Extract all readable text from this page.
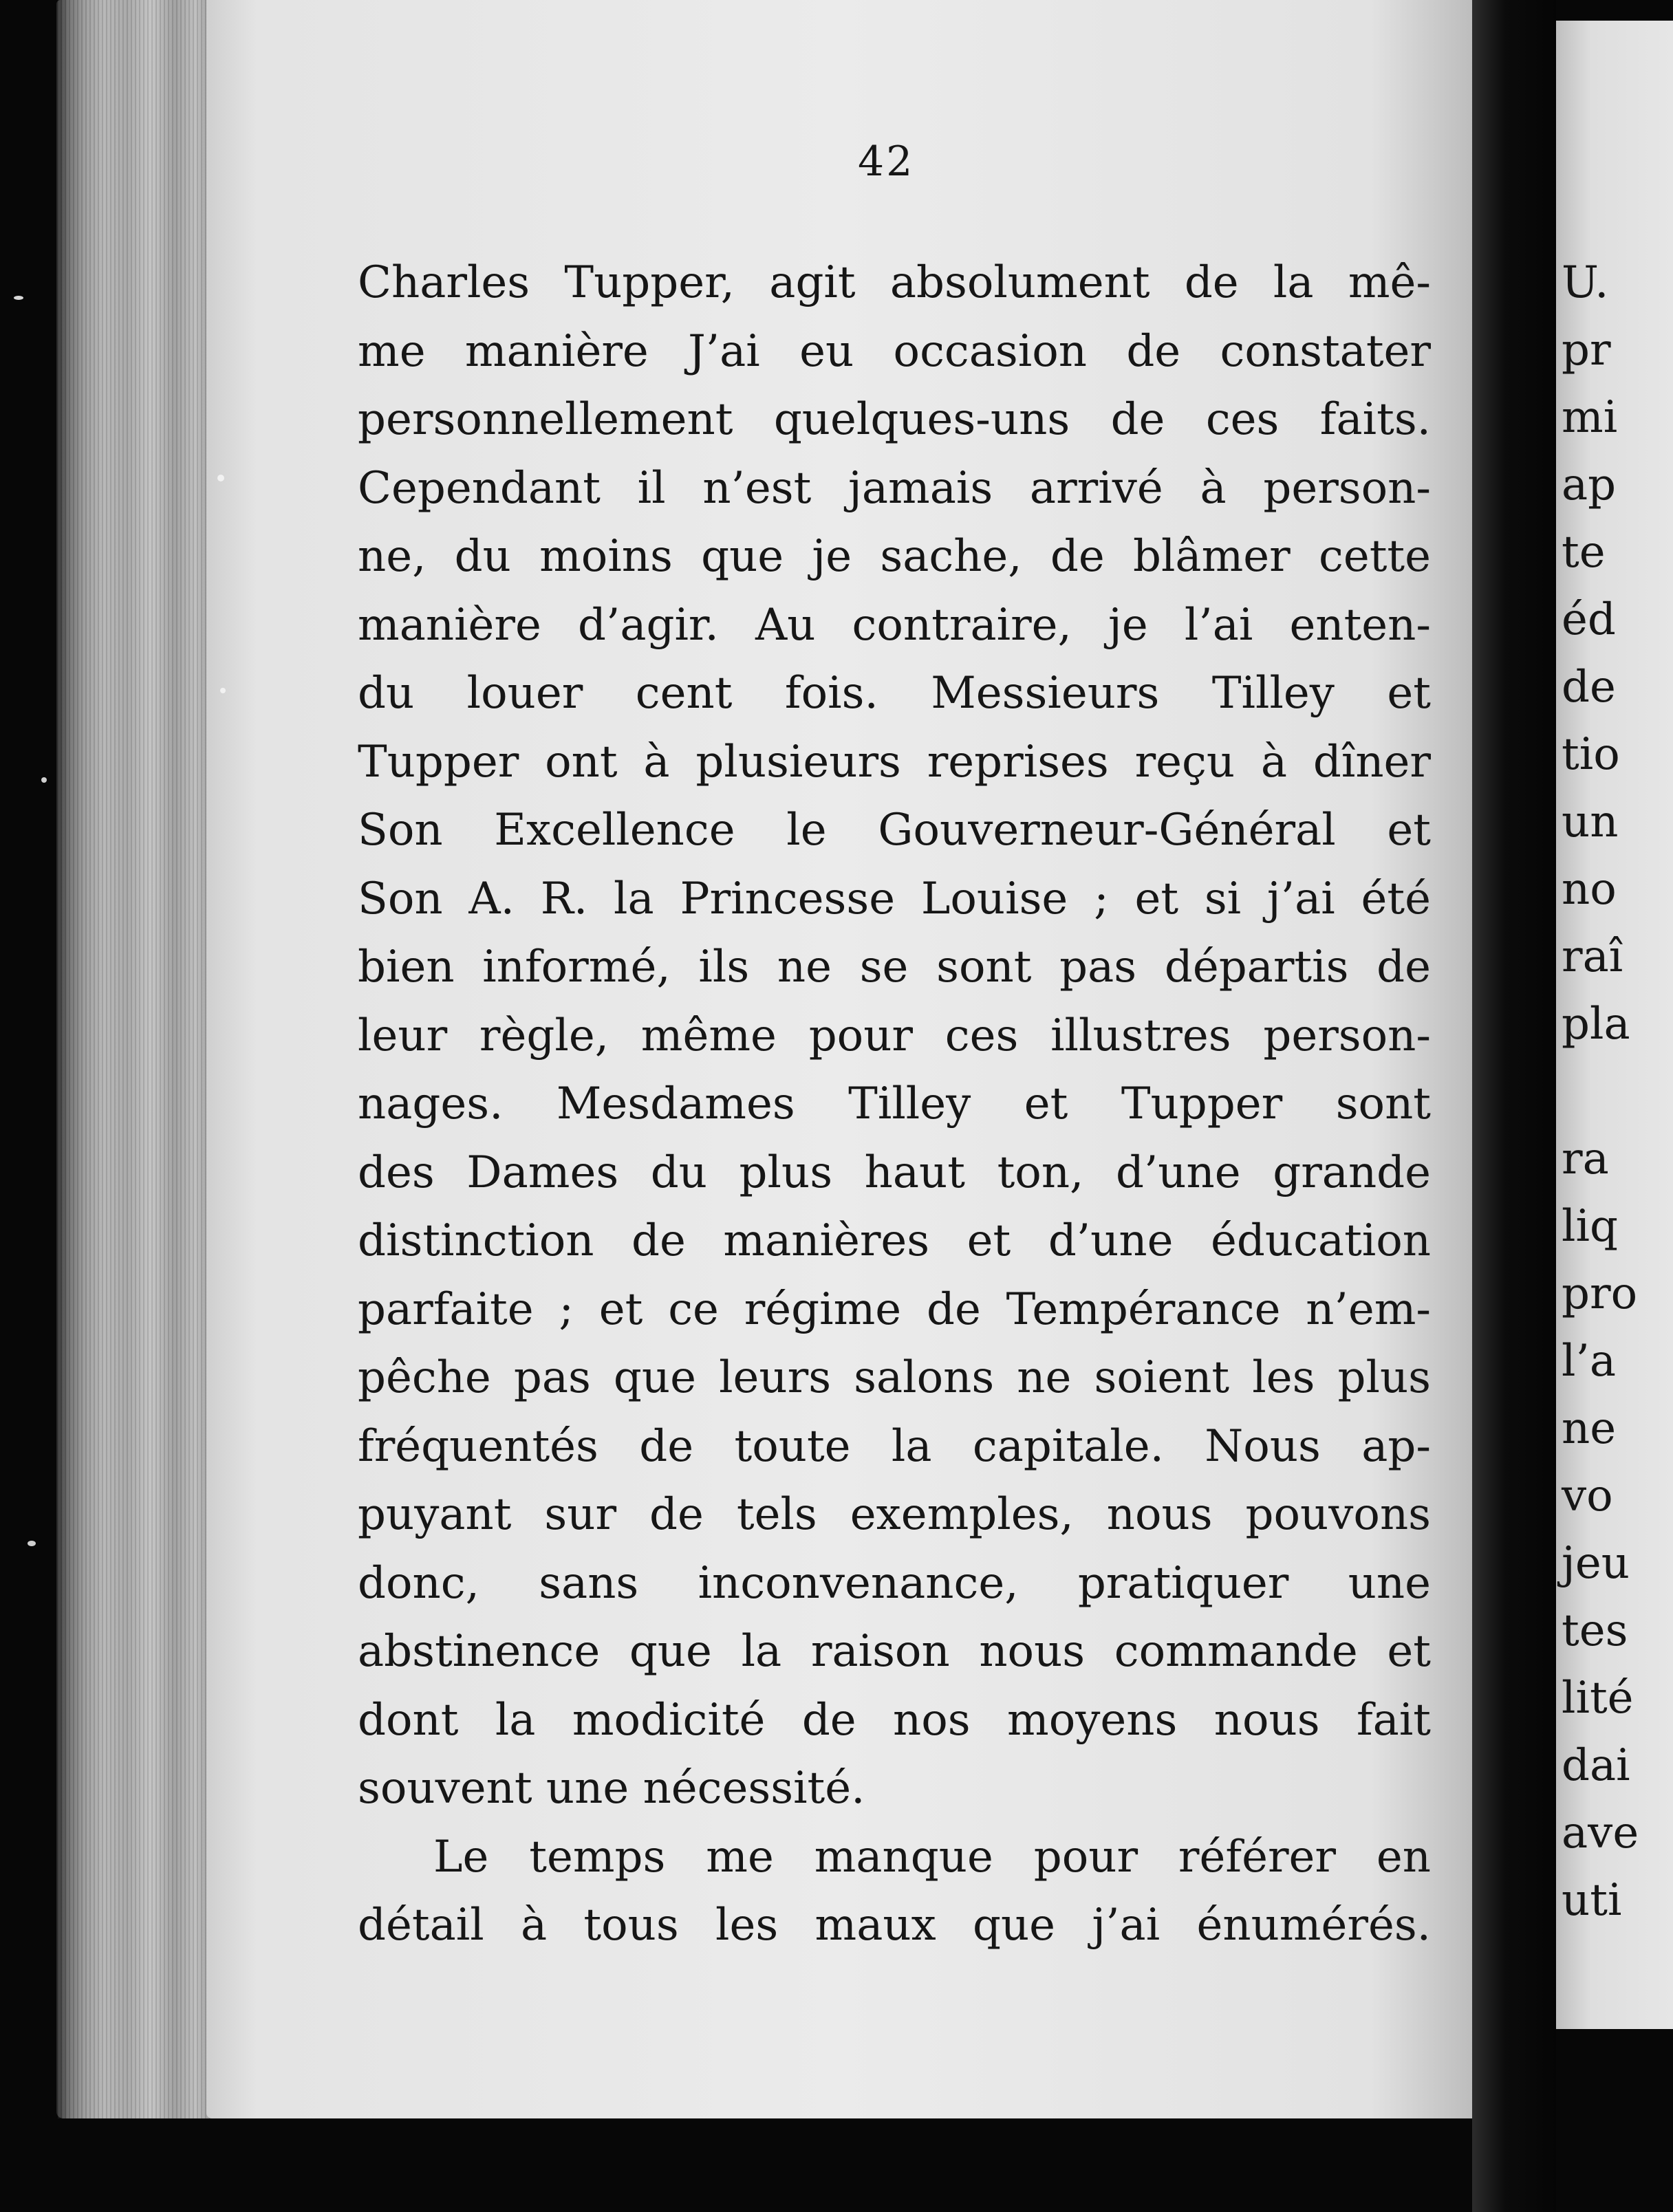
U.
pr
mi
ap
te
éd
de
tio
un
no
raî
pla
ra
liq
pro
l’a
ne
vo
jeu
tes
lité
dai
ave
uti
42
Charles Tupper, agit absolument de la mê-
me manière J’ai eu occasion de constater
personnellement quelques-uns de ces faits.
Cependant il n’est jamais arrivé à person-
ne, du moins que je sache, de blâmer cette
manière d’agir. Au contraire, je l’ai enten-
du louer cent fois. Messieurs Tilley et
Tupper ont à plusieurs reprises reçu à dîner
Son Excellence le Gouverneur-Général et
Son A. R. la Princesse Louise ; et si j’ai été
bien informé, ils ne se sont pas départis de
leur règle, même pour ces illustres person-
nages. Mesdames Tilley et Tupper sont
des Dames du plus haut ton, d’une grande
distinction de manières et d’une éducation
parfaite ; et ce régime de Tempérance n’em-
pêche pas que leurs salons ne soient les plus
fréquentés de toute la capitale. Nous ap-
puyant sur de tels exemples, nous pouvons
donc, sans inconvenance, pratiquer une
abstinence que la raison nous commande et
dont la modicité de nos moyens nous fait
souvent une nécessité.
Le temps me manque pour référer en
détail à tous les maux que j’ai énumérés.
